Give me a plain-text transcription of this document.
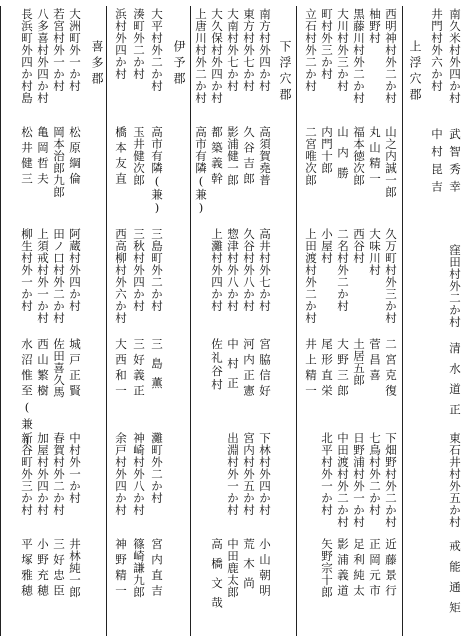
南久米村外四か村
井門村外六か村
上浮穴郡
武智秀幸
中村昆吉
窪田村外二か村
清水道正
東石井村外五か村
戒能通矩
西明神村外二か村
柚野村
黒藤川村外二か村
大川村外三か村
町村外三か村
立石村外二か村
山之内誠一郎
丸山精一
福本徳次郎
山内勝
内門十郎
二宮唯次郎
久万町村外三か村
大味川村
西谷村
二名村外二か村
小屋村
上田渡村外二か村
二宮克復
菅昌喜
土居五郎
大野三郎
尾形直栄
井上精一
下畑野村外二か村
七鳥村外二か村
日野浦村外一か村
中田渡村外二か村
北平村外一か村
近藤景行
正岡元市
足利純太
影浦義道
矢野宗十郎
下浮穴郡
南方村外四か村
東方村外七か村
大南村外七か村
大久保村外四か村
上唐川村外二か村
高須賀堯普
久谷吉郎
影浦健一郎
都築義幹
高市有隣(兼)
高井村外七か村
久谷村外八か村
惣津村外八か村
上灘村外四か村
宮脇信好
河内正憲
中村正
佐礼谷村
下林村外四か村
宮内村外五か村
出淵村外一か村
小山朝明
荒木尚
中田鹿太郎
高橋文哉
伊予郡
大平村外二か村
湊町外二か村
浜村外四か村
高市有隣(兼)
玉井健次郎
橋本友直
三島町外二か村
三秋村外四か村
西高柳村外六か村
三島薫
三好義正
大西和一
灘町外二か村
神崎村外八か村
余戸村外四か村
宮内直吉
篠崎謙九郎
神野精一
喜多郡
大洲町外一か村
若宮村外一か村
八多喜村外四か村
長浜町外四か村島
松原綱倫
岡本治郎九郎
亀岡哲夫
松井健三
阿蔵村外四か村
田ノ口村外二か村
上須戒村外一か村
柳生村外一か村
城戸正賢
佐田喜久馬
西山繁樹
水沼惟至(兼)
中村外一か村
春賀村外二か村
加屋村外四か村
新谷町外三か村
井林純一郎
三好忠臣
小野充穂
平塚雅穂
